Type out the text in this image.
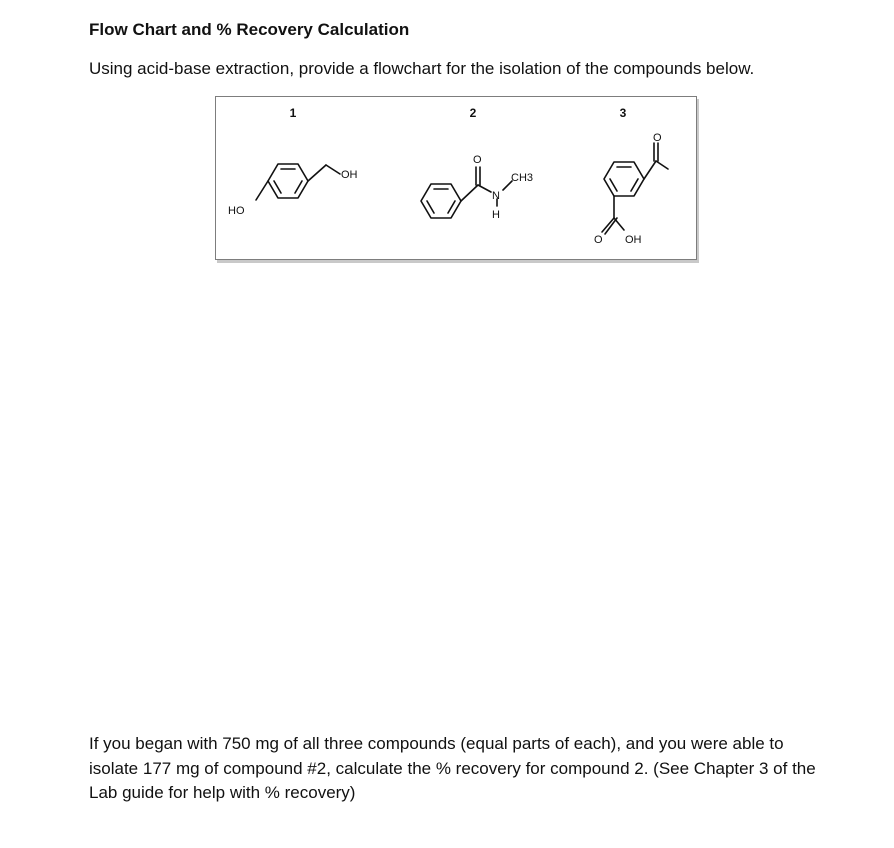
Flow Chart and % Recovery Calculation

Using acid-base extraction, provide a flowchart for the isolation of the compounds below.

1	2	3
HO
OH
O
N
H
CH3
O
O OH

If you began with 750 mg of all three compounds (equal parts of each), and you were able to
isolate 177 mg of compound #2, calculate the % recovery for compound 2. (See Chapter 3 of the
Lab guide for help with % recovery)
